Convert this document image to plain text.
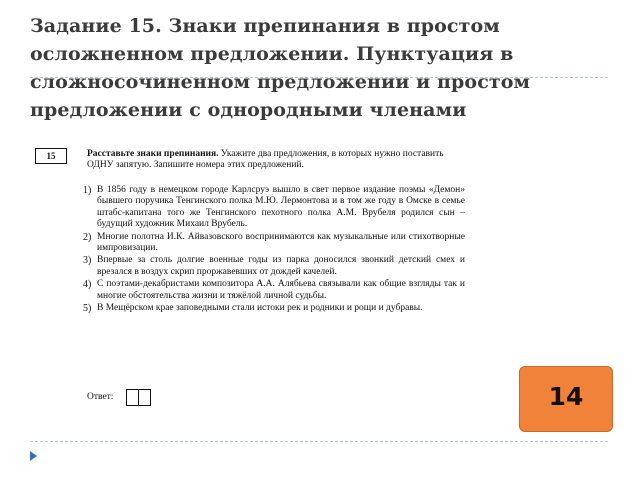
Задание 15. Знаки препинания в простом
осложненном предложении. Пунктуация в
сложносочиненном предложении и простом
предложении с однородными членами
15	Расставьте знаки препинания. Укажите два предложения, в которых нужно поставить ОДНУ запятую. Запишите номера этих предложений.
1) В 1856 году в немецком городе Карлсруэ вышло в свет первое издание поэмы «Демон» бывшего поручика Тенгинского полка М.Ю. Лермонтова и в том же году в Омске в семье штабс-капитана того же Тенгинского пехотного полка А.М. Врубеля родился сын – будущий художник Михаил Врубель.
2) Многие полотна И.К. Айвазовского воспринимаются как музыкальные или стихотворные импровизации.
3) Впервые за столь долгие военные годы из парка доносился звонкий детский смех и врезался в воздух скрип проржавевших от дождей качелей.
4) С поэтами-декабристами композитора А.А. Алябьева связывали как общие взгляды так и многие обстоятельства жизни и тяжёлой личной судьбы.
5) В Мещёрском крае заповедными стали истоки рек и родники и рощи и дубравы.
Ответ:	14
